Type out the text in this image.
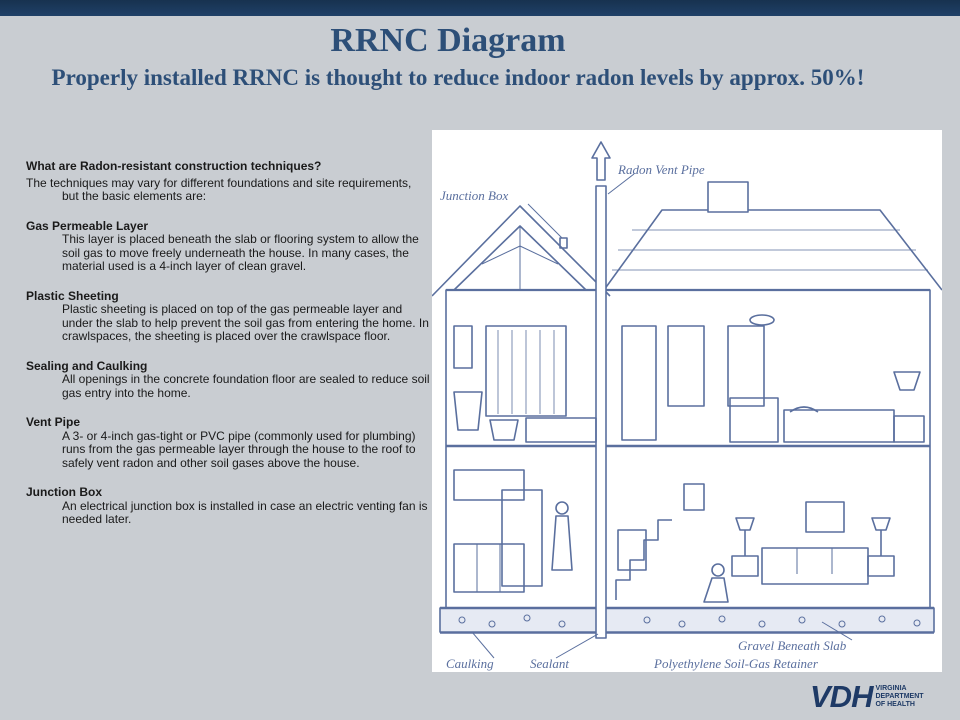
RRNC Diagram
Properly installed RRNC is thought to reduce indoor radon levels by approx. 50%!
What are Radon-resistant construction techniques?
The techniques may vary for different foundations and site requirements, but the basic elements are:
Gas Permeable Layer
This layer is placed beneath the slab or flooring system to allow the soil gas to move freely underneath the house. In many cases, the material used is a 4-inch layer of clean gravel.
Plastic Sheeting
Plastic sheeting is placed on top of the gas permeable layer and under the slab to help prevent the soil gas from entering the home. In crawlspaces, the sheeting is placed over the crawlspace floor.
Sealing and Caulking
All openings in the concrete foundation floor are sealed to reduce soil gas entry into the home.
Vent Pipe
A 3- or 4-inch gas-tight or PVC pipe (commonly used for plumbing) runs from the gas permeable layer through the house to the roof to safely vent radon and other soil gases above the house.
Junction Box
An electrical junction box is installed in case an electric venting fan is needed later.
Radon Vent Pipe
Junction Box
Gravel Beneath Slab
Caulking	Sealant	Polyethylene Soil-Gas Retainer
VDH VIRGINIA
DEPARTMENT
OF HEALTH
